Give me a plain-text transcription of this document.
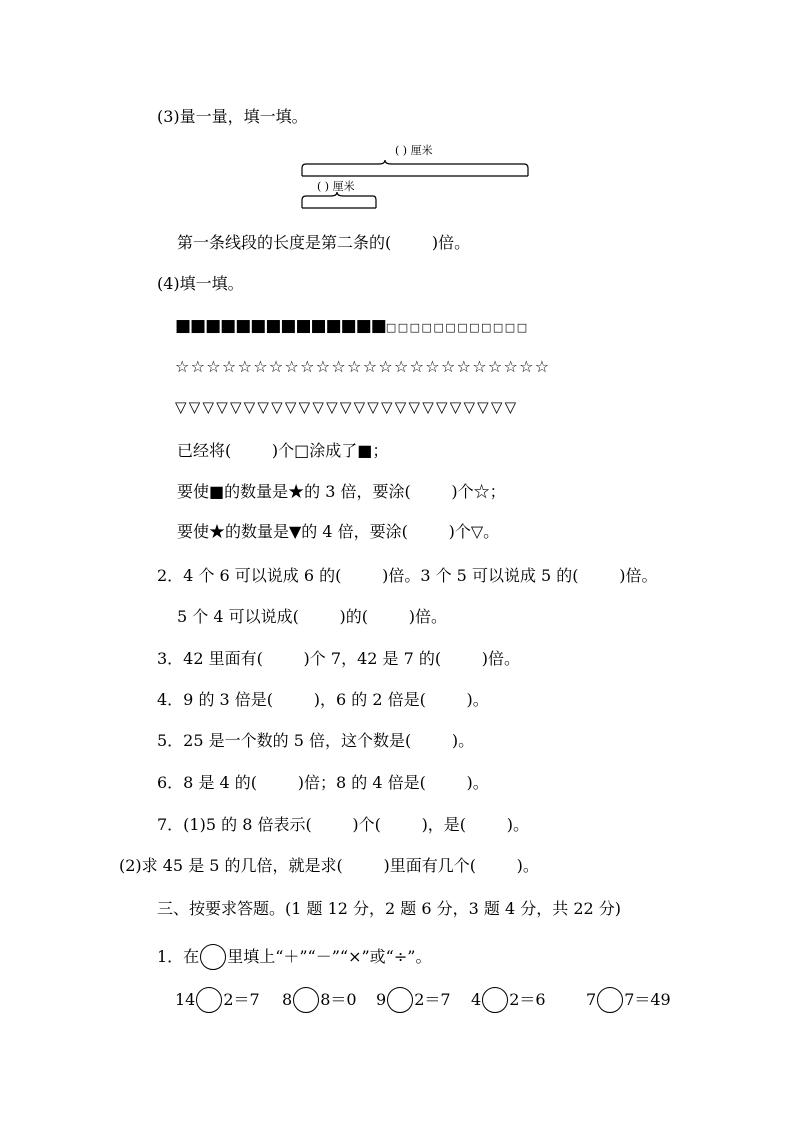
(3)量一量，填一填。
( ) 厘米
( ) 厘米
第一条线段的长度是第二条的(        )倍。
(4)填一填。
■■■■■■■■■■■■■■□□□□□□□□□□□□
☆☆☆☆☆☆☆☆☆☆☆☆☆☆☆☆☆☆☆☆☆☆☆☆
▽▽▽▽▽▽▽▽▽▽▽▽▽▽▽▽▽▽▽▽▽▽▽▽▽
已经将(        )个□涂成了■；
要使■的数量是★的 3 倍，要涂(        )个☆；
要使★的数量是▼的 4 倍，要涂(        )个▽。
2．4 个 6 可以说成 6 的(        )倍。3 个 5 可以说成 5 的(        )倍。
5 个 4 可以说成(        )的(        )倍。
3．42 里面有(        )个 7，42 是 7 的(        )倍。
4．9 的 3 倍是(        )，6 的 2 倍是(        )。
5．25 是一个数的 5 倍，这个数是(        )。
6．8 是 4 的(        )倍；8 的 4 倍是(        )。
7．(1)5 的 8 倍表示(        )个(        )，是(        )。
(2)求 45 是 5 的几倍，就是求(        )里面有几个(        )。
三、按要求答题。(1 题 12 分，2 题 6 分，3 题 4 分，共 22 分)
1．在 里填上“＋”“－”“×”或“÷”。
14 2＝7 8 8＝0 9 2＝7 4 2＝6	7 7＝49
